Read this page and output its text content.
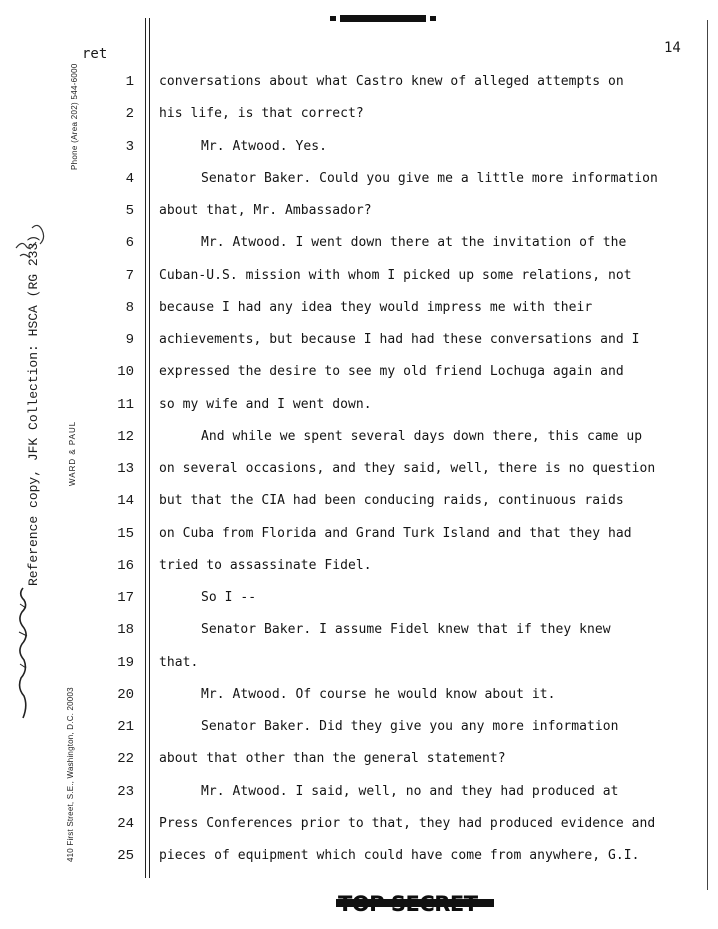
ret	14
Phone (Area 202) 544-6000
WARD & PAUL
410 First Street, S.E., Washington, D.C. 20003
Reference copy, JFK Collection: HSCA (RG 233)
1 conversations about what Castro knew of alleged attempts on
2 his life, is that correct?
3	Mr. Atwood. Yes.
4	Senator Baker. Could you give me a little more information
5 about that, Mr. Ambassador?
6	Mr. Atwood. I went down there at the invitation of the
7 Cuban-U.S. mission with whom I picked up some relations, not
8 because I had any idea they would impress me with their
9 achievements, but because I had had these conversations and I
10 expressed the desire to see my old friend Lochuga again and
11 so my wife and I went down.
12	And while we spent several days down there, this came up
13 on several occasions, and they said, well, there is no question
14 but that the CIA had been conducing raids, continuous raids
15 on Cuba from Florida and Grand Turk Island and that they had
16 tried to assassinate Fidel.
17	So I --
18	Senator Baker. I assume Fidel knew that if they knew
19 that.
20	Mr. Atwood. Of course he would know about it.
21	Senator Baker. Did they give you any more information
22 about that other than the general statement?
23	Mr. Atwood. I said, well, no and they had produced at
24 Press Conferences prior to that, they had produced evidence and
25 pieces of equipment which could have come from anywhere, G.I.
